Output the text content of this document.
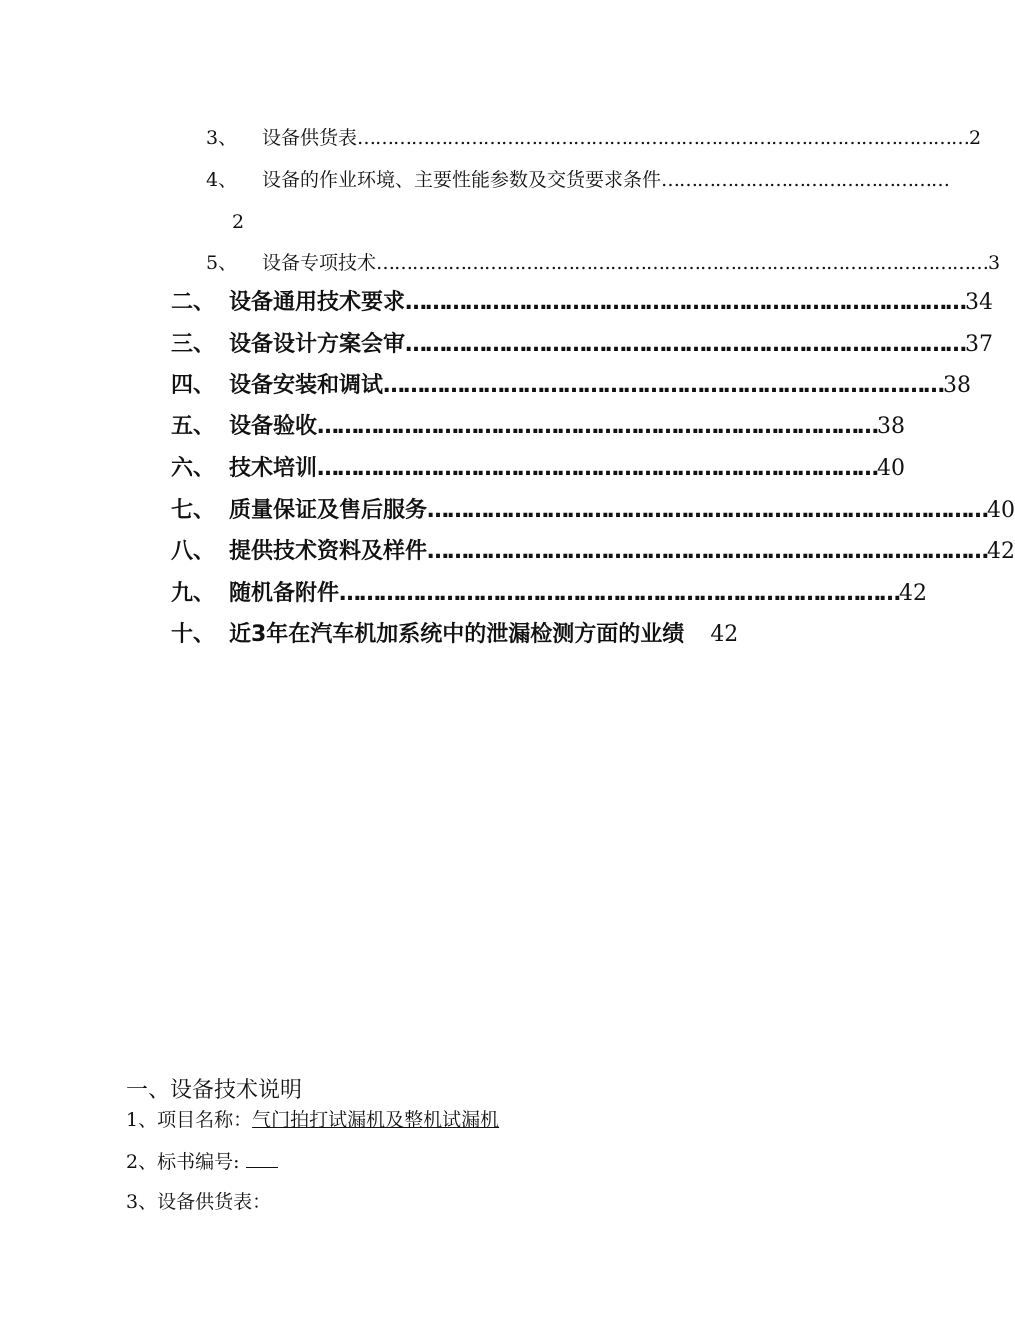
3、	设备供货表 ………………………………………………………………………………………… 2
4、	设备的作业环境、主要性能参数及交货要求条件 …………………………………………
2
5、	设备专项技术 ………………………………………………………………………………………… 3
二、 设备通用技术要求 ………………………………………………………………………… 34
三、 设备设计方案会审 ………………………………………………………………………… 37
四、 设备安装和调试 ………………………………………………………………………… 38
五、 设备验收 ………………………………………………………………………… 38
六、 技术培训 ………………………………………………………………………… 40
七、 质量保证及售后服务 ………………………………………………………………………… 40
八、 提供技术资料及样件 ………………………………………………………………………… 42
九、 随机备附件 ………………………………………………………………………… 42
十、 近3年在汽车机加系统中的泄漏检测方面的业绩	42
一、设备技术说明
1、项目名称：气门拍打试漏机及整机试漏机
2、标书编号:
3、设备供货表：
